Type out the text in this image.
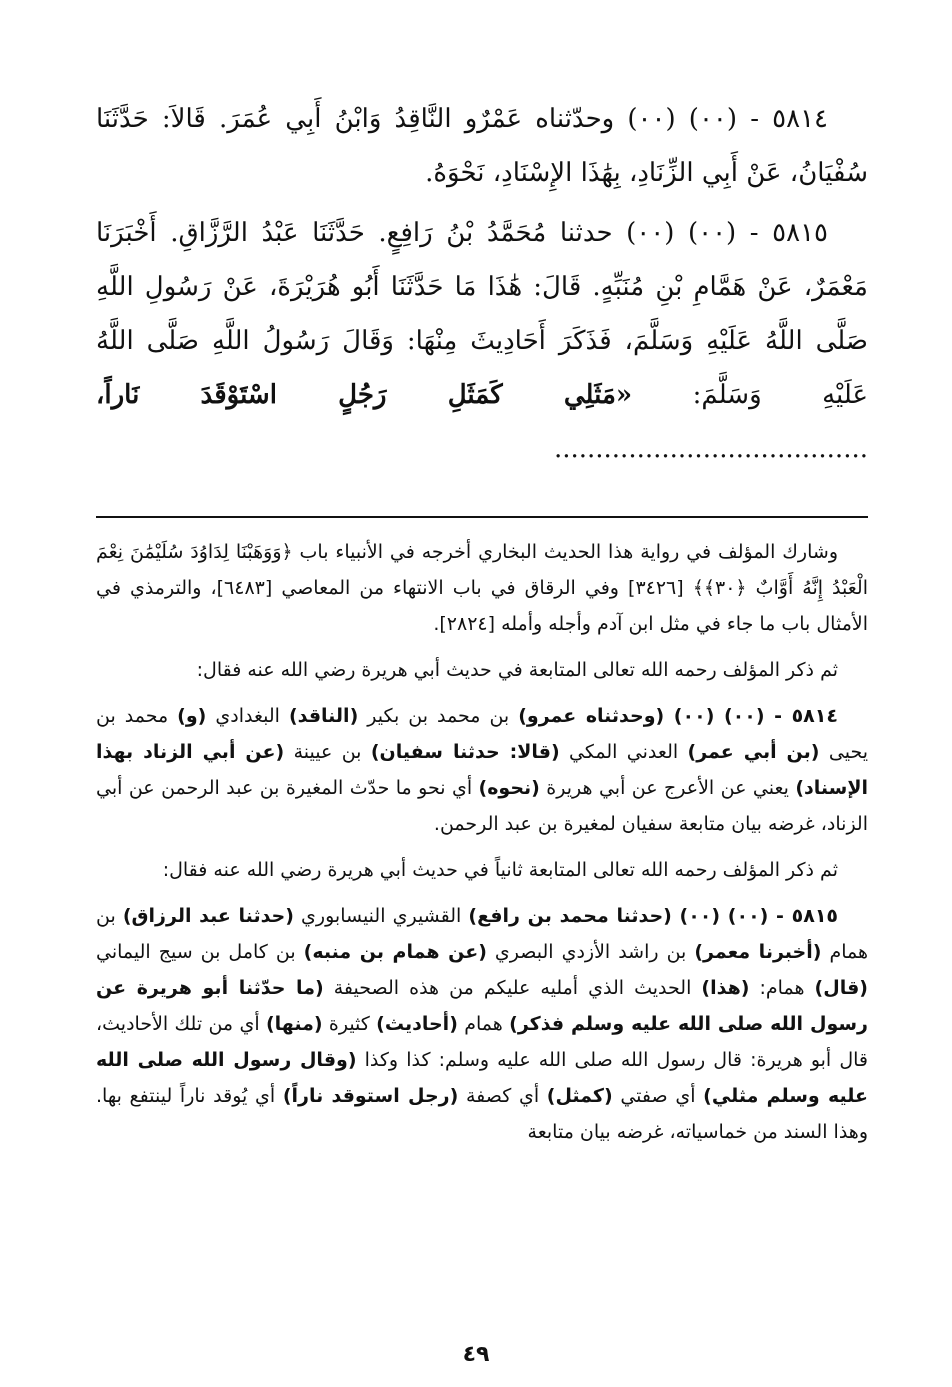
٥٨١٤ - (٠٠) (٠٠) وحدّثناه عَمْرٌو النَّاقِدُ وَابْنُ أَبِي عُمَرَ. قَالاَ: حَدَّثَنَا سُفْيَانُ، عَنْ أَبِي الزِّنَادِ، بِهَٰذَا الإِسْنَادِ، نَحْوَهُ.

٥٨١٥ - (٠٠) (٠٠) حدثنا مُحَمَّدُ بْنُ رَافِعٍ. حَدَّثَنَا عَبْدُ الرَّزَّاقِ. أَخْبَرَنَا مَعْمَرٌ، عَنْ هَمَّامِ بْنِ مُنَبِّهٍ. قَالَ: هَٰذَا مَا حَدَّثَنَا أَبُو هُرَيْرَةَ، عَنْ رَسُولِ اللَّهِ صَلَّى اللَّهُ عَلَيْهِ وَسَلَّمَ، فَذَكَرَ أَحَادِيثَ مِنْهَا: وَقَالَ رَسُولُ اللَّهِ صَلَّى اللَّهُ عَلَيْهِ وَسَلَّمَ: «مَثَلِي كَمَثَلِ رَجُلٍ اسْتَوْقَدَ نَاراً، ......................................

وشارك المؤلف في رواية هذا الحديث البخاري أخرجه في الأنبياء باب ﴿وَوَهَبْنَا لِدَاوُدَ سُلَيْمَٰنَ نِعْمَ الْعَبْدُ إِنَّهُ أَوَّابٌ ﴿٣٠﴾﴾ [٣٤٢٦] وفي الرقاق في باب الانتهاء من المعاصي [٦٤٨٣]، والترمذي في الأمثال باب ما جاء في مثل ابن آدم وأجله وأمله [٢٨٢٤].

ثم ذكر المؤلف رحمه الله تعالى المتابعة في حديث أبي هريرة رضي الله عنه فقال:

٥٨١٤ - (٠٠) (٠٠) (وحدثناه عمرو) بن محمد بن بكير (الناقد) البغدادي (و) محمد بن يحيى (بن أبي عمر) العدني المكي (قالا: حدثنا سفيان) بن عيينة (عن أبي الزناد بهذا الإسناد) يعني عن الأعرج عن أبي هريرة (نحوه) أي نحو ما حدّث المغيرة بن عبد الرحمن عن أبي الزناد، غرضه بيان متابعة سفيان لمغيرة بن عبد الرحمن.

ثم ذكر المؤلف رحمه الله تعالى المتابعة ثانياً في حديث أبي هريرة رضي الله عنه فقال:

٥٨١٥ - (٠٠) (٠٠) (حدثنا محمد بن رافع) القشيري النيسابوري (حدثنا عبد الرزاق) بن همام (أخبرنا معمر) بن راشد الأزدي البصري (عن همام بن منبه) بن كامل بن سيج اليماني (قال) همام: (هذا) الحديث الذي أمليه عليكم من هذه الصحيفة (ما حدّثنا أبو هريرة عن رسول الله صلى الله عليه وسلم فذكر) همام (أحاديث) كثيرة (منها) أي من تلك الأحاديث، قال أبو هريرة: قال رسول الله صلى الله عليه وسلم: كذا وكذا (وقال رسول الله صلى الله عليه وسلم مثلي) أي صفتي (كمثل) أي كصفة (رجل استوقد ناراً) أي يُوقد ناراً لينتفع بها. وهذا السند من خماسياته، غرضه بيان متابعة

٤٩
